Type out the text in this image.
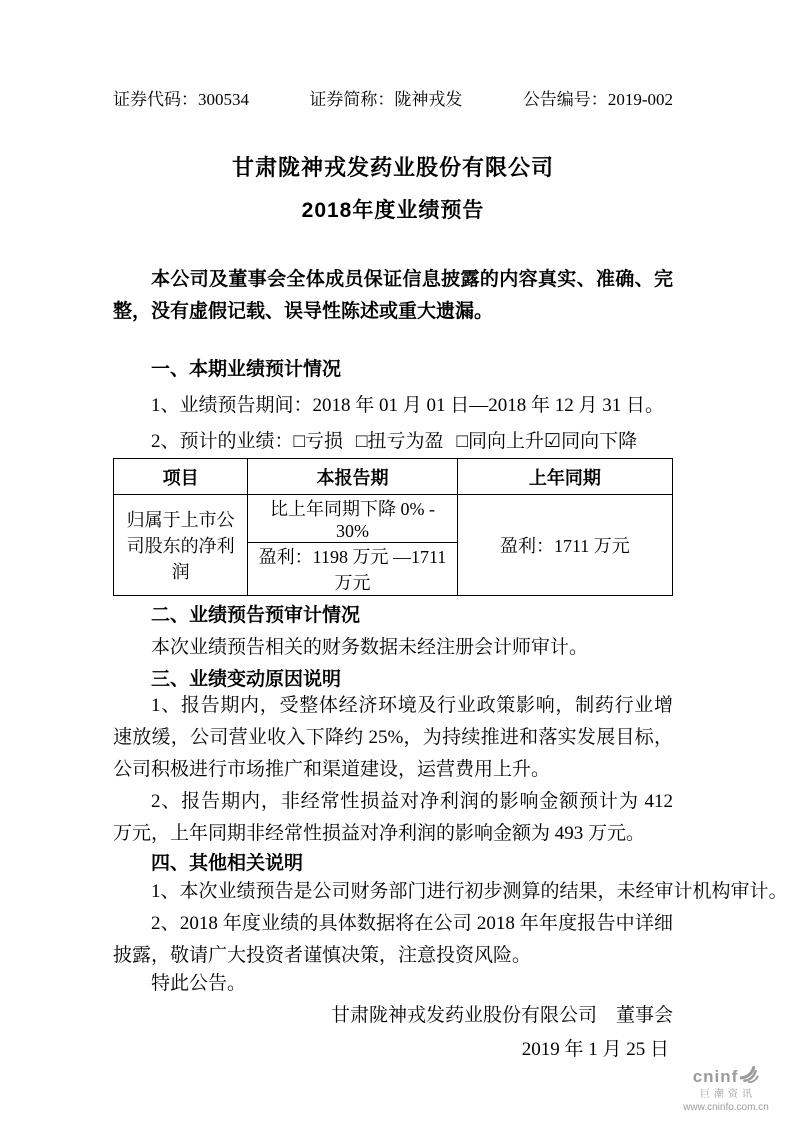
证券代码：300534	证券简称：陇神戎发	公告编号：2019-002
甘肃陇神戎发药业股份有限公司
2018年度业绩预告

本公司及董事会全体成员保证信息披露的内容真实、准确、完整，没有虚假记载、误导性陈述或重大遗漏。

一、本期业绩预计情况

1、业绩预告期间：2018 年 01 月 01 日—2018 年 12 月 31 日。

2、预计的业绩：□亏损 □扭亏为盈 □同向上升☑同向下降

项目	本报告期	上年同期
归属于上市公司股东的净利润	比上年同期下降 0% - 30%	盈利：1711 万元
	盈利：1198 万元 —1711 万元	
二、业绩预告预审计情况

本次业绩预告相关的财务数据未经注册会计师审计。

三、业绩变动原因说明

1、报告期内，受整体经济环境及行业政策影响，制药行业增速放缓，公司营业收入下降约 25%，为持续推进和落实发展目标，公司积极进行市场推广和渠道建设，运营费用上升。

2、报告期内，非经常性损益对净利润的影响金额预计为 412 万元，上年同期非经常性损益对净利润的影响金额为 493 万元。

四、其他相关说明

1、本次业绩预告是公司财务部门进行初步测算的结果，未经审计机构审计。

2、2018 年度业绩的具体数据将在公司 2018 年年度报告中详细披露，敬请广大投资者谨慎决策，注意投资风险。

特此公告。

甘肃陇神戎发药业股份有限公司　董事会
2019 年 1 月 25 日
cninf
巨潮资讯
www.cninfo.com.cn
